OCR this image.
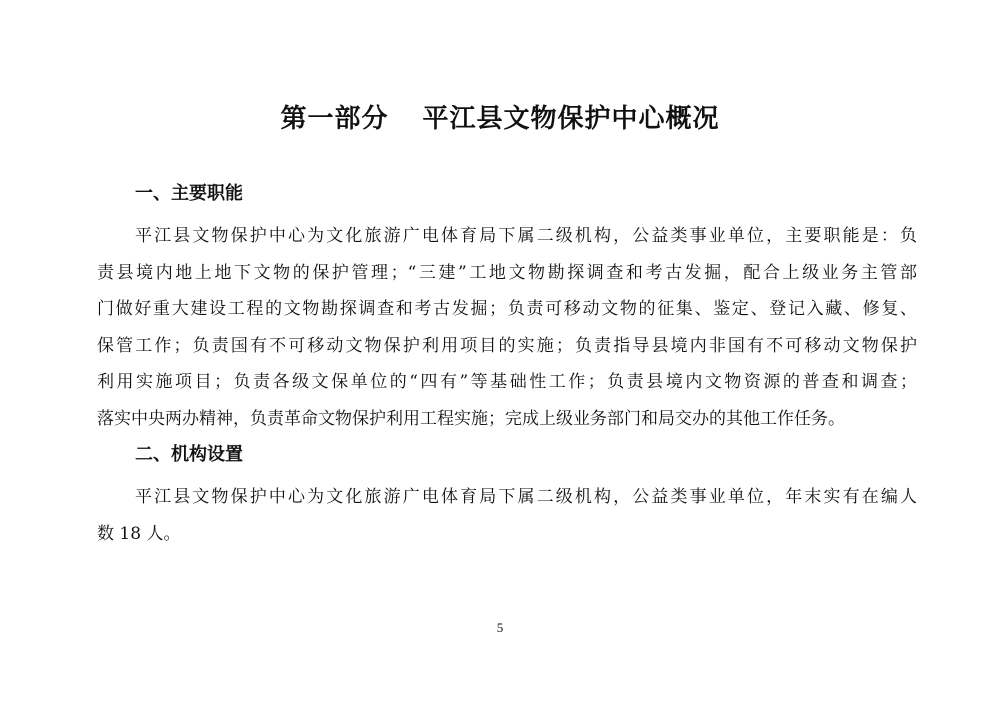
第一部分 平江县文物保护中心概况
一、主要职能
平江县文物保护中心为文化旅游广电体育局下属二级机构，公益类事业单位，主要职能是：负
责县境内地上地下文物的保护管理；“三建”工地文物勘探调查和考古发掘，配合上级业务主管部
门做好重大建设工程的文物勘探调查和考古发掘；负责可移动文物的征集、鉴定、登记入藏、修复、
保管工作；负责国有不可移动文物保护利用项目的实施；负责指导县境内非国有不可移动文物保护
利用实施项目；负责各级文保单位的“四有”等基础性工作；负责县境内文物资源的普查和调查；
落实中央两办精神，负责革命文物保护利用工程实施；完成上级业务部门和局交办的其他工作任务。
二、机构设置
平江县文物保护中心为文化旅游广电体育局下属二级机构，公益类事业单位，年末实有在编人
数 18 人。
5
